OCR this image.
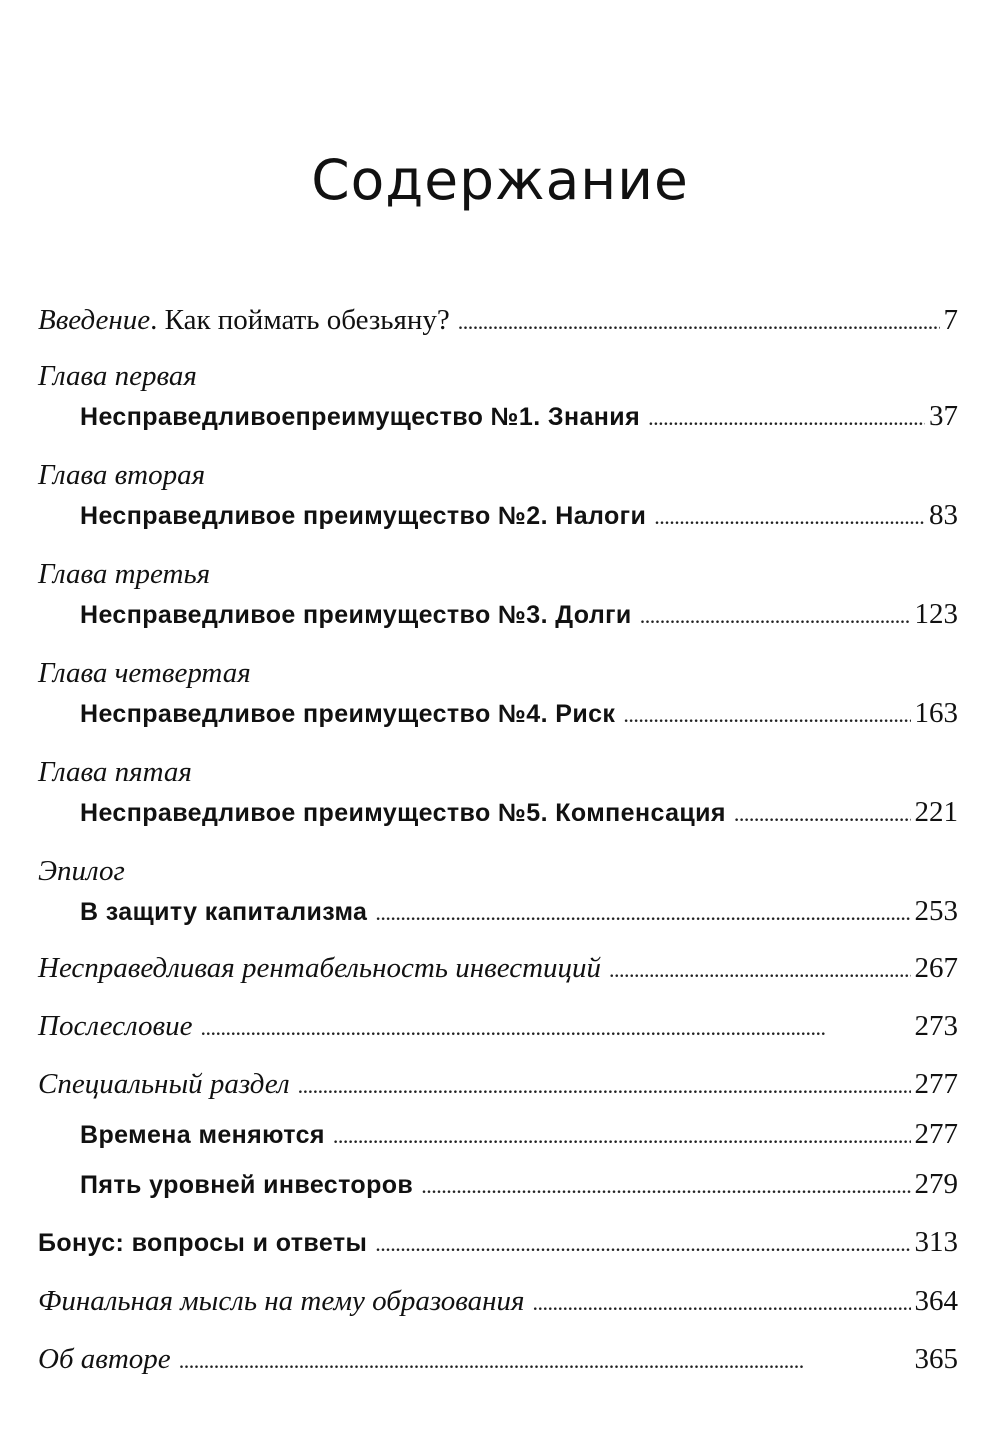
Содержание
Введение. Как поймать обезьяну? . . .	7
Глава первая
Несправедливоепреимущество №1. Знания . . .	37
Глава вторая
Несправедливое преимущество №2. Налоги . . .	83
Глава третья
Несправедливое преимущество №3. Долги . . .	123
Глава четвертая
Несправедливое преимущество №4. Риск . . .	163
Глава пятая
Несправедливое преимущество №5. Компенсация . . .	221
Эпилог
В защиту капитализма . . .	253
Несправедливая рентабельность инвестиций . . .	267
Послесловие . . .	273
Специальный раздел . . .	277
Времена меняются . . .	277
Пять уровней инвесторов . . .	279
Бонус: вопросы и ответы . . .	313
Финальная мысль на тему образования . . .	364
Об авторе . . .	365
